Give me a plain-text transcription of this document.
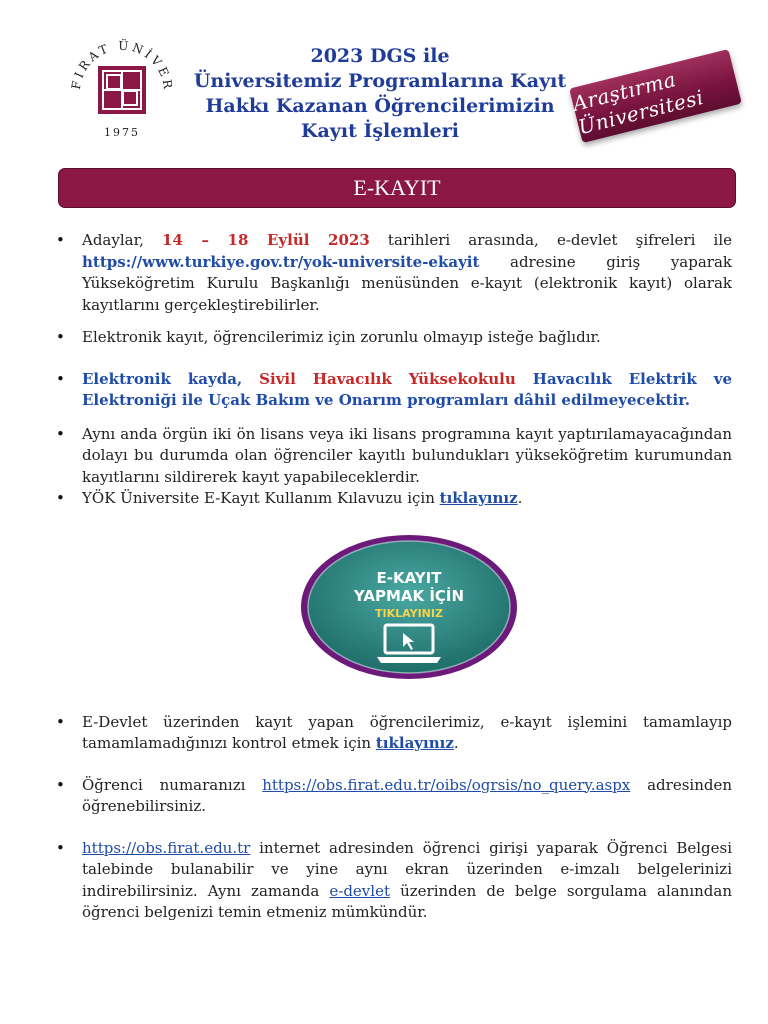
FIRAT ÜNİVER
1975
2023 DGS ile
Üniversitemiz Programlarına Kayıt
Hakkı Kazanan Öğrencilerimizin
Kayıt İşlemleri
Araştırma Üniversitesi
E-KAYIT
• Adaylar, 14 – 18 Eylül 2023 tarihleri arasında, e-devlet şifreleri ile https://www.turkiye.gov.tr/yok-universite-ekayit adresine giriş yaparak Yükseköğretim Kurulu Başkanlığı menüsünden e-kayıt (elektronik kayıt) olarak kayıtlarını gerçekleştirebilirler.
• Elektronik kayıt, öğrencilerimiz için zorunlu olmayıp isteğe bağlıdır.
• Elektronik kayda, Sivil Havacılık Yüksekokulu Havacılık Elektrik ve Elektroniği ile Uçak Bakım ve Onarım programları dâhil edilmeyecektir.
• Aynı anda örgün iki ön lisans veya iki lisans programına kayıt yaptırılamayacağından dolayı bu durumda olan öğrenciler kayıtlı bulundukları yükseköğretim kurumundan kayıtlarını sildirerek kayıt yapabileceklerdir.
• YÖK Üniversite E-Kayıt Kullanım Kılavuzu için tıklayınız.
• E-Devlet üzerinden kayıt yapan öğrencilerimiz, e-kayıt işlemini tamamlayıp tamamlamadığınızı kontrol etmek için tıklayınız.
• Öğrenci numaranızı https://obs.firat.edu.tr/oibs/ogrsis/no_query.aspx adresinden öğrenebilirsiniz.
• https://obs.firat.edu.tr internet adresinden öğrenci girişi yaparak Öğrenci Belgesi talebinde bulanabilir ve yine aynı ekran üzerinden e-imzalı belgelerinizi indirebilirsiniz. Aynı zamanda e-devlet üzerinden de belge sorgulama alanından öğrenci belgenizi temin etmeniz mümkündür.
E-KAYIT
YAPMAK İÇİN
TIKLAYINIZ
